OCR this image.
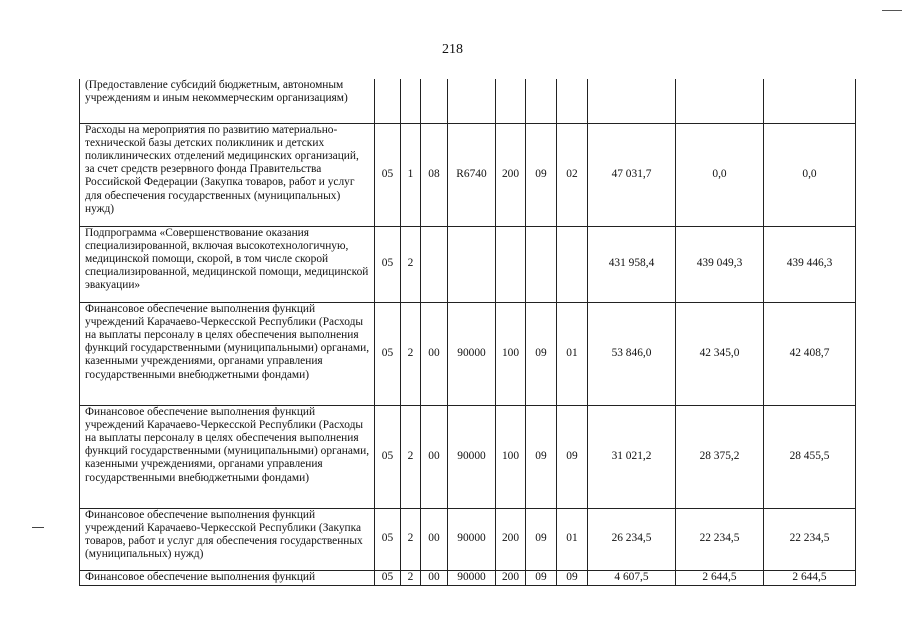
218
(Предоставление субсидий бюджетным, автономным учреждениям и иным некоммерческим организациям)										
Расходы на мероприятия по развитию материально-технической базы детских поликлиник и детских поликлинических отделений медицинских организаций, за счет средств резервного фонда Правительства Российской Федерации (Закупка товаров, работ и услуг для обеспечения государственных (муниципальных) нужд)	05	1	08	R6740	200	09	02	47 031,7	0,0	0,0
Подпрограмма «Совершенствование оказания специализированной, включая высокотехнологичную, медицинской помощи, скорой, в том числе скорой специализированной, медицинской помощи, медицинской эвакуации»	05	2						431 958,4	439 049,3	439 446,3
Финансовое обеспечение выполнения функций учреждений Карачаево-Черкесской Республики (Расходы на выплаты персоналу в целях обеспечения выполнения функций государственными (муниципальными) органами, казенными учреждениями, органами управления государственными внебюджетными фондами)	05	2	00	90000	100	09	01	53 846,0	42 345,0	42 408,7
Финансовое обеспечение выполнения функций учреждений Карачаево-Черкесской Республики (Расходы на выплаты персоналу в целях обеспечения выполнения функций государственными (муниципальными) органами, казенными учреждениями, органами управления государственными внебюджетными фондами)	05	2	00	90000	100	09	09	31 021,2	28 375,2	28 455,5
Финансовое обеспечение выполнения функций учреждений Карачаево-Черкесской Республики (Закупка товаров, работ и услуг для обеспечения государственных (муниципальных) нужд)	05	2	00	90000	200	09	01	26 234,5	22 234,5	22 234,5
Финансовое обеспечение выполнения функций	05	2	00	90000	200	09	09	4 607,5	2 644,5	2 644,5
